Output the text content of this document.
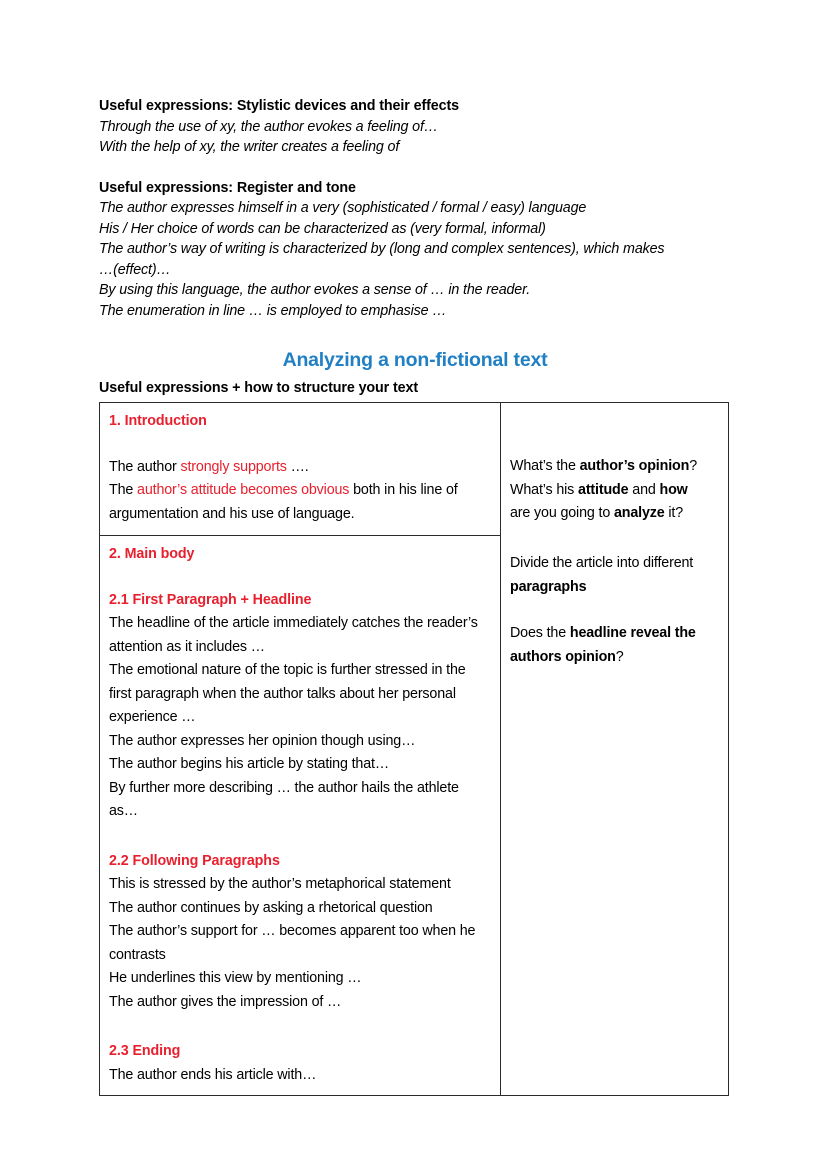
Useful expressions: Stylistic devices and their effects
Through the use of xy, the author evokes a feeling of…
With the help of xy, the writer creates a feeling of
Useful expressions: Register and tone
The author expresses himself in a very (sophisticated / formal / easy) language
His / Her choice of words can be characterized as (very formal, informal)
The author’s way of writing is characterized by (long and complex sentences), which makes
…(effect)…
By using this language, the author evokes a sense of … in the reader.
The enumeration in line … is employed to emphasise …
Analyzing a non-fictional text
Useful expressions + how to structure your text
1. Introduction
The author strongly supports ….
The author’s attitude becomes obvious both in his line of argumentation and his use of language.
2. Main body
2.1 First Paragraph + Headline
The headline of the article immediately catches the reader’s attention as it includes …
The emotional nature of the topic is further stressed in the first paragraph when the author talks about her personal experience …
The author expresses her opinion though using…
The author begins his article by stating that…
By further more describing … the author hails the athlete as…
2.2 Following Paragraphs
This is stressed by the author’s metaphorical statement
The author continues by asking a rhetorical question
The author’s support for … becomes apparent too when he contrasts
He underlines this view by mentioning …
The author gives the impression of …
2.3 Ending
The author ends his article with…
What’s the author’s opinion?
What’s his attitude and how
are you going to analyze it?
Divide the article into different paragraphs
Does the headline reveal the authors opinion?
